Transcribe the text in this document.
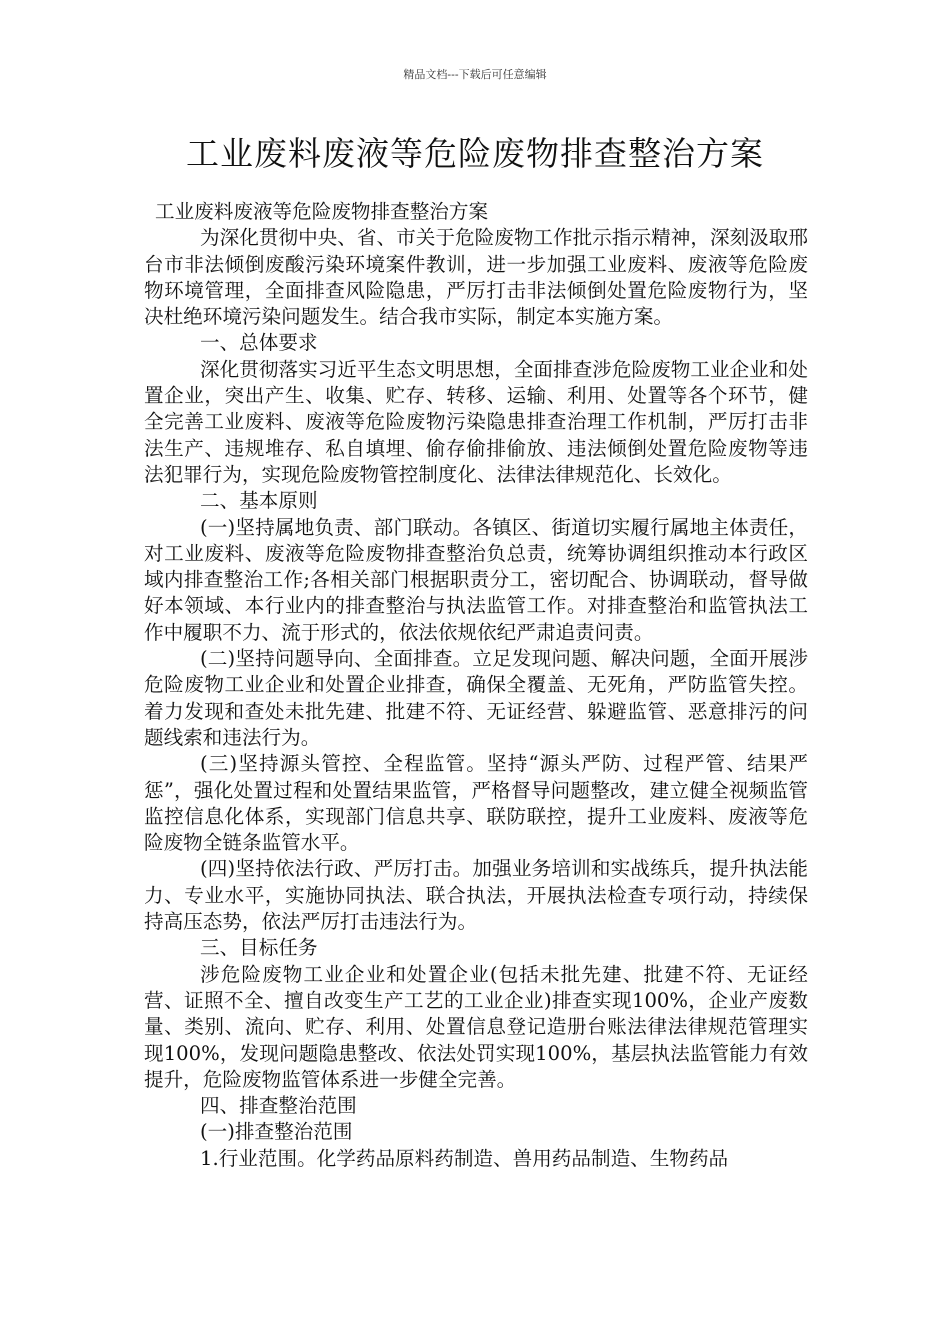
精品文档---下载后可任意编辑
工业废料废液等危险废物排查整治方案
工业废料废液等危险废物排查整治方案
为深化贯彻中央、省、市关于危险废物工作批示指示精神，深刻汲取邢台市非法倾倒废酸污染环境案件教训，进一步加强工业废料、废液等危险废物环境管理，全面排查风险隐患，严厉打击非法倾倒处置危险废物行为，坚决杜绝环境污染问题发生。结合我市实际，制定本实施方案。
一、总体要求
深化贯彻落实习近平生态文明思想，全面排查涉危险废物工业企业和处置企业，突出产生、收集、贮存、转移、运输、利用、处置等各个环节，健全完善工业废料、废液等危险废物污染隐患排查治理工作机制，严厉打击非法生产、违规堆存、私自填埋、偷存偷排偷放、违法倾倒处置危险废物等违法犯罪行为，实现危险废物管控制度化、法律法律规范化、长效化。
二、基本原则
(一)坚持属地负责、部门联动。各镇区、街道切实履行属地主体责任，对工业废料、废液等危险废物排查整治负总责，统筹协调组织推动本行政区域内排查整治工作;各相关部门根据职责分工，密切配合、协调联动，督导做好本领域、本行业内的排查整治与执法监管工作。对排查整治和监管执法工作中履职不力、流于形式的，依法依规依纪严肃追责问责。
(二)坚持问题导向、全面排查。立足发现问题、解决问题，全面开展涉危险废物工业企业和处置企业排查，确保全覆盖、无死角，严防监管失控。着力发现和查处未批先建、批建不符、无证经营、躲避监管、恶意排污的问题线索和违法行为。
(三)坚持源头管控、全程监管。坚持“源头严防、过程严管、结果严惩”，强化处置过程和处置结果监管，严格督导问题整改，建立健全视频监管监控信息化体系，实现部门信息共享、联防联控，提升工业废料、废液等危险废物全链条监管水平。
(四)坚持依法行政、严厉打击。加强业务培训和实战练兵，提升执法能力、专业水平，实施协同执法、联合执法，开展执法检查专项行动，持续保持高压态势，依法严厉打击违法行为。
三、目标任务
涉危险废物工业企业和处置企业(包括未批先建、批建不符、无证经营、证照不全、擅自改变生产工艺的工业企业)排查实现100%，企业产废数量、类别、流向、贮存、利用、处置信息登记造册台账法律法律规范管理实现100%，发现问题隐患整改、依法处罚实现100%，基层执法监管能力有效提升，危险废物监管体系进一步健全完善。
四、排查整治范围
(一)排查整治范围
1.行业范围。化学药品原料药制造、兽用药品制造、生物药品
